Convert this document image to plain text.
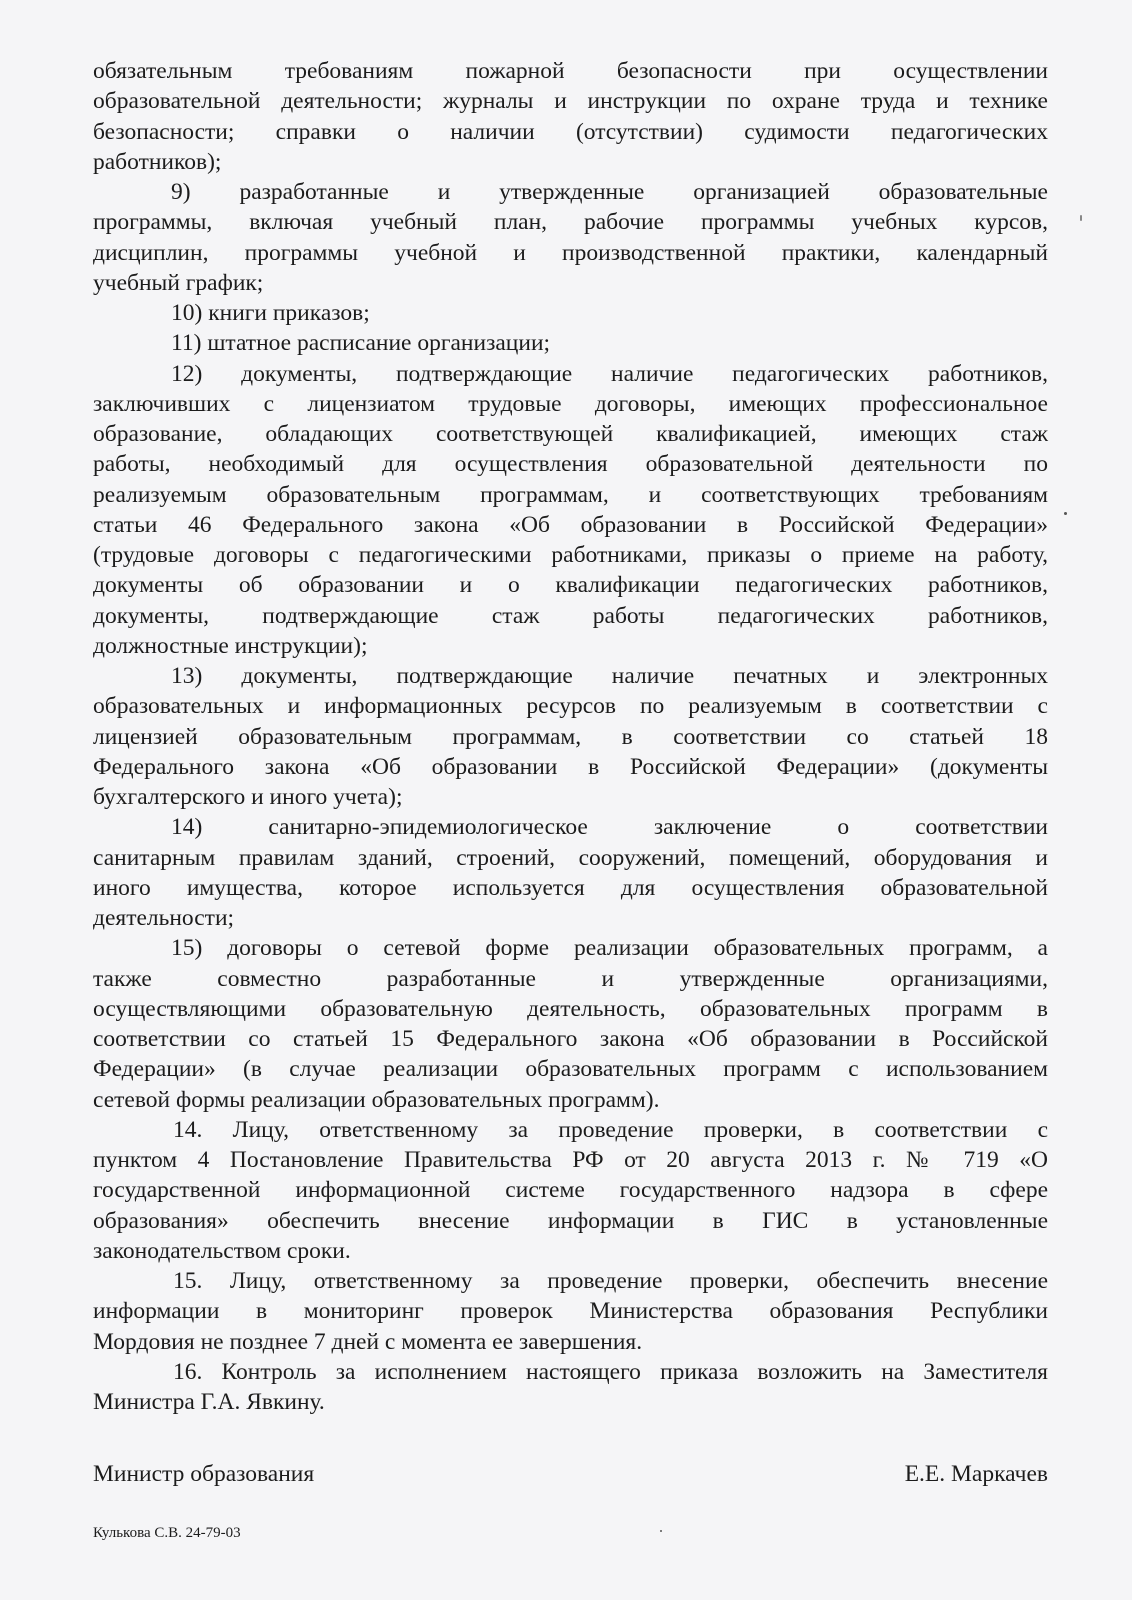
обязательным требованиям пожарной безопасности при осуществлении
образовательной деятельности; журналы и инструкции по охране труда и технике
безопасности; справки о наличии (отсутствии) судимости педагогических
работников);
9) разработанные и утвержденные организацией образовательные
программы, включая учебный план, рабочие программы учебных курсов,
дисциплин, программы учебной и производственной практики, календарный
учебный график;
10) книги приказов;
11) штатное расписание организации;
12) документы, подтверждающие наличие педагогических работников,
заключивших с лицензиатом трудовые договоры, имеющих профессиональное
образование, обладающих соответствующей квалификацией, имеющих стаж
работы, необходимый для осуществления образовательной деятельности по
реализуемым образовательным программам, и соответствующих требованиям
статьи 46 Федерального закона «Об образовании в Российской Федерации»
(трудовые договоры с педагогическими работниками, приказы о приеме на работу,
документы об образовании и о квалификации педагогических работников,
документы, подтверждающие стаж работы педагогических работников,
должностные инструкции);
13) документы, подтверждающие наличие печатных и электронных
образовательных и информационных ресурсов по реализуемым в соответствии с
лицензией образовательным программам, в соответствии со статьей 18
Федерального закона «Об образовании в Российской Федерации» (документы
бухгалтерского и иного учета);
14) санитарно-эпидемиологическое заключение о соответствии
санитарным правилам зданий, строений, сооружений, помещений, оборудования и
иного имущества, которое используется для осуществления образовательной
деятельности;
15) договоры о сетевой форме реализации образовательных программ, а
также совместно разработанные и утвержденные организациями,
осуществляющими образовательную деятельность, образовательных программ в
соответствии со статьей 15 Федерального закона «Об образовании в Российской
Федерации» (в случае реализации образовательных программ с использованием
сетевой формы реализации образовательных программ).
14. Лицу, ответственному за проведение проверки, в соответствии с
пунктом 4 Постановление Правительства РФ от 20 августа 2013 г. № 719 «О
государственной информационной системе государственного надзора в сфере
образования» обеспечить внесение информации в ГИС в установленные
законодательством сроки.
15. Лицу, ответственному за проведение проверки, обеспечить внесение
информации в мониторинг проверок Министерства образования Республики
Мордовия не позднее 7 дней с момента ее завершения.
16. Контроль за исполнением настоящего приказа возложить на Заместителя
Министра Г.А. Явкину.
Министр образования	Е.Е. Маркачев
Кулькова С.В. 24-79-03
